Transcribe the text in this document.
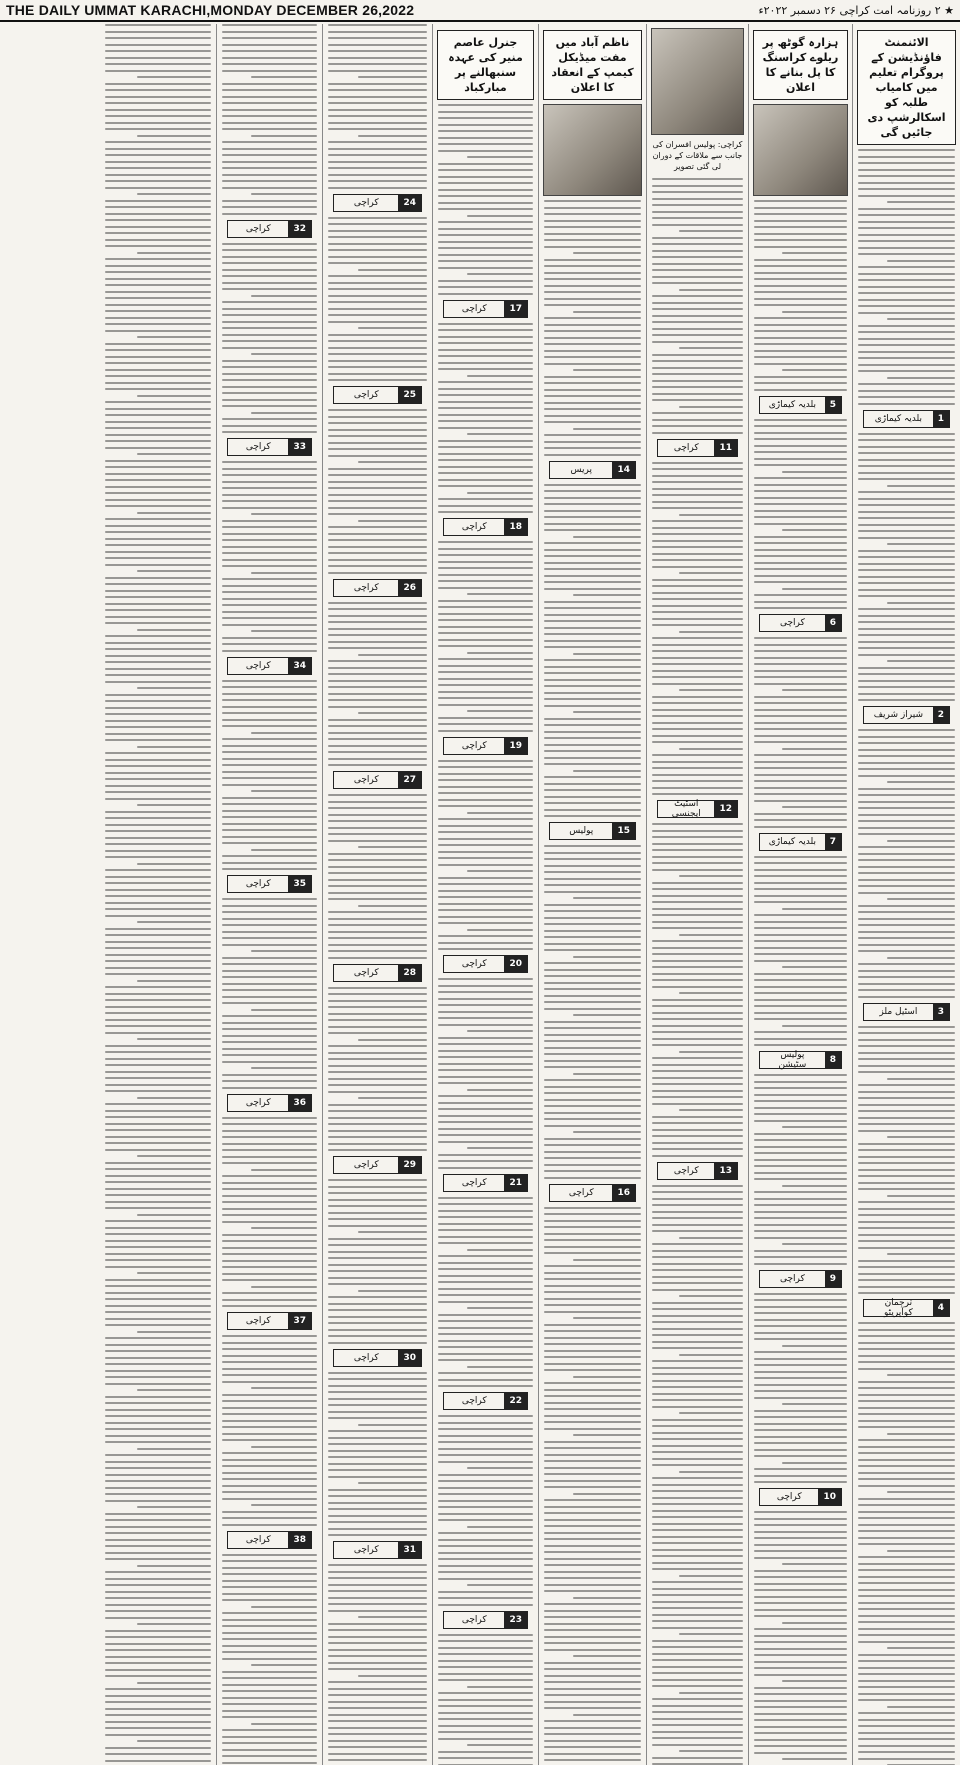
THE DAILY UMMAT KARACHI,MONDAY DECEMBER 26,2022	★ ۲ روزنامہ امت کراچی ۲۶ دسمبر ۲۰۲۲ء
الائنمنٹ فاؤنڈیشن کے پروگرام تعلیم میں کامیاب طلبہ کو اسکالرشپ دی جائیں گی
1
بلدیہ کیماڑی
2
شیراز شریف
3
اسٹیل ملز
4
ترجمان کوآپریٹو
ہزارہ گوٹھ پر ریلوے کراسنگ کا پل بنانے کا اعلان
5
بلدیہ کیماڑی
6
کراچی
7
بلدیہ کیماڑی
8
پولیس سٹیشن
9
کراچی
10
کراچی
کراچی: پولیس افسران کی جانب سے ملاقات کے دوران لی گئی تصویر
11
کراچی
12
اسٹیٹ ایجنسی
13
کراچی
ناظم آباد میں مفت میڈیکل کیمپ کے انعقاد کا اعلان
14
پریس
15
پولیس
16
کراچی
جنرل عاصم منیر کی عہدہ سنبھالنے پر مبارکباد
17
کراچی
18
کراچی
19
کراچی
20
کراچی
21
کراچی
22
کراچی
23
کراچی
24
کراچی
25
کراچی
26
کراچی
27
کراچی
28
کراچی
29
کراچی
30
کراچی
31
کراچی
32
کراچی
33
کراچی
34
کراچی
35
کراچی
36
کراچی
37
کراچی
38
کراچی
